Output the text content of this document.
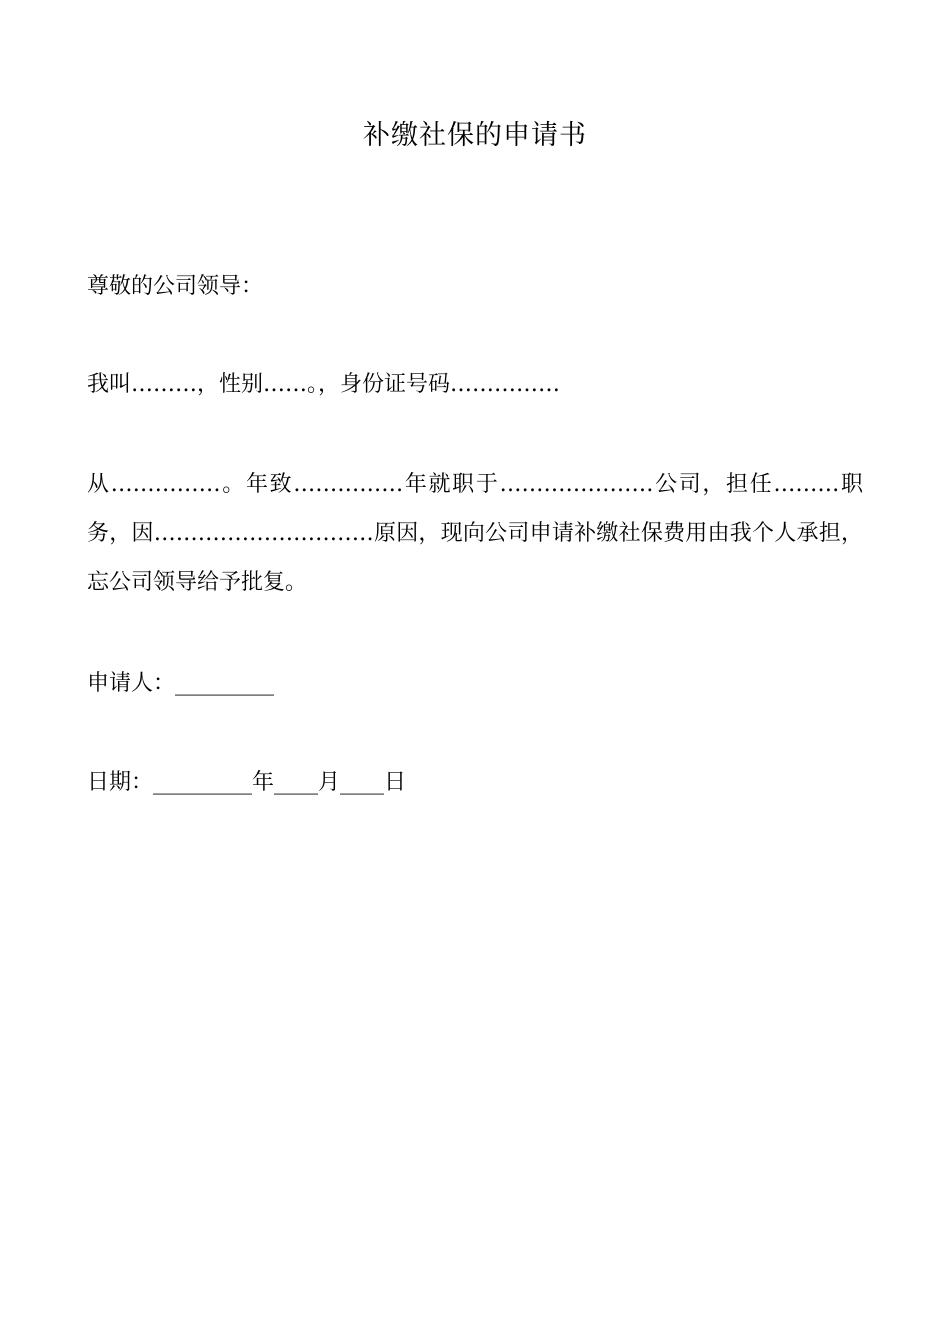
补缴社保的申请书

尊敬的公司领导：

我叫………，性别……。，身份证号码……………

从……………。年致……………年就职于…………………公司，担任………职务，因…………………………原因，现向公司申请补缴社保费用由我个人承担，忘公司领导给予批复。

申请人：_________

日期：_________年____月____日
